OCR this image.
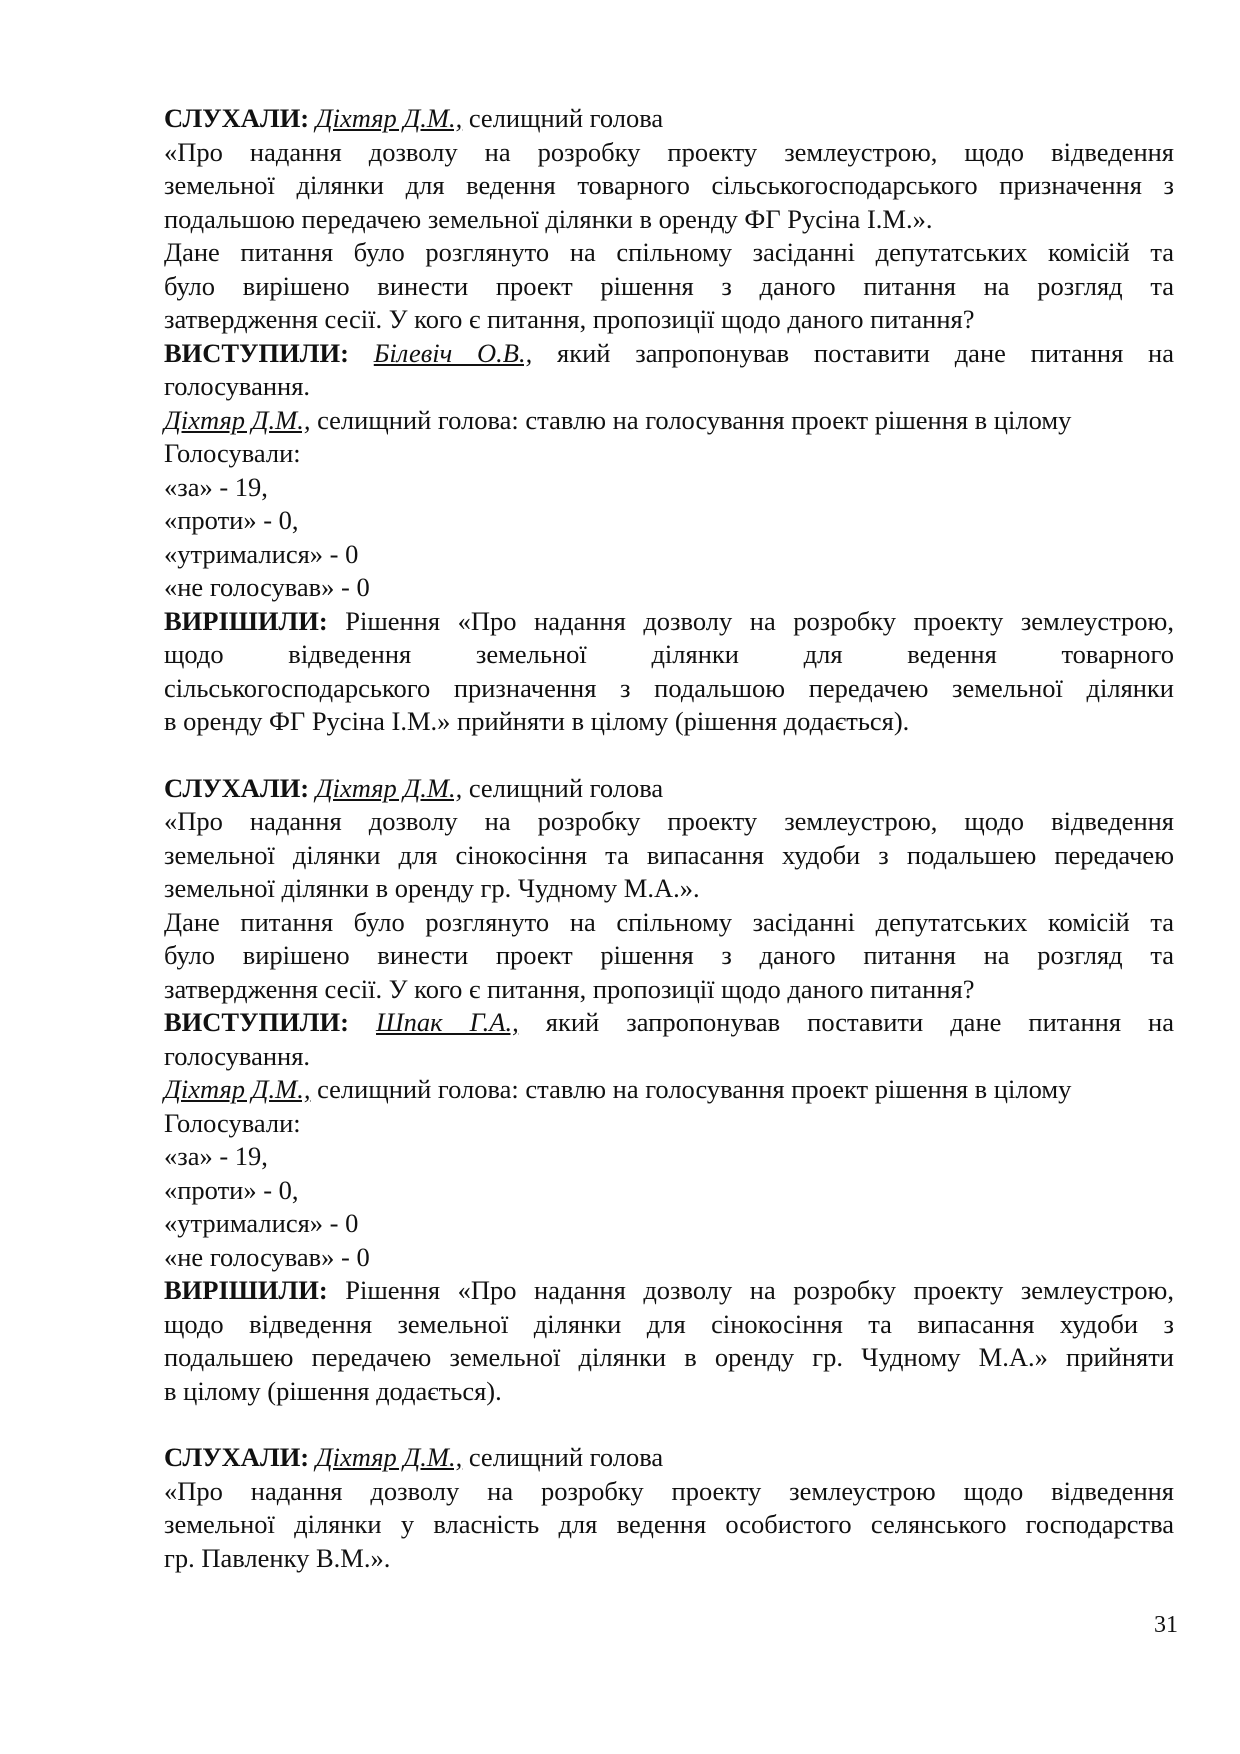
СЛУХАЛИ: Діхтяр Д.М., селищний голова

«Про надання дозволу на розробку проекту землеустрою, щодо відведення

земельної ділянки для ведення товарного сільськогосподарського призначення з

подальшою передачею земельної ділянки в оренду ФГ Русіна І.М.».

Дане питання було розглянуто на спільному засіданні депутатських комісій та

було вирішено винести проект рішення з даного питання на розгляд та

затвердження сесії. У кого є питання, пропозиції щодо даного питання?

ВИСТУПИЛИ: Білевіч О.В., який запропонував поставити дане питання на

голосування.

Діхтяр Д.М., селищний голова: ставлю на голосування проект рішення в цілому

Голосували:

«за» - 19,

«проти» - 0,

«утрималися» - 0

«не голосував» - 0

ВИРІШИЛИ: Рішення «Про надання дозволу на розробку проекту землеустрою,

щодо відведення земельної ділянки для ведення товарного

сільськогосподарського призначення з подальшою передачею земельної ділянки

в оренду ФГ Русіна І.М.» прийняти в цілому (рішення додається).

СЛУХАЛИ: Діхтяр Д.М., селищний голова

«Про надання дозволу на розробку проекту землеустрою, щодо відведення

земельної ділянки для сінокосіння та випасання худоби з подальшею передачею

земельної ділянки в оренду гр. Чудному М.А.».

Дане питання було розглянуто на спільному засіданні депутатських комісій та

було вирішено винести проект рішення з даного питання на розгляд та

затвердження сесії. У кого є питання, пропозиції щодо даного питання?

ВИСТУПИЛИ: Шпак Г.А., який запропонував поставити дане питання на

голосування.

Діхтяр Д.М., селищний голова: ставлю на голосування проект рішення в цілому

Голосували:

«за» - 19,

«проти» - 0,

«утрималися» - 0

«не голосував» - 0

ВИРІШИЛИ: Рішення «Про надання дозволу на розробку проекту землеустрою,

щодо відведення земельної ділянки для сінокосіння та випасання худоби з

подальшею передачею земельної ділянки в оренду гр. Чудному М.А.» прийняти

в цілому (рішення додається).

СЛУХАЛИ: Діхтяр Д.М., селищний голова

«Про надання дозволу на розробку проекту землеустрою щодо відведення

земельної ділянки у власність для ведення особистого селянського господарства

гр. Павленку В.М.».

31
